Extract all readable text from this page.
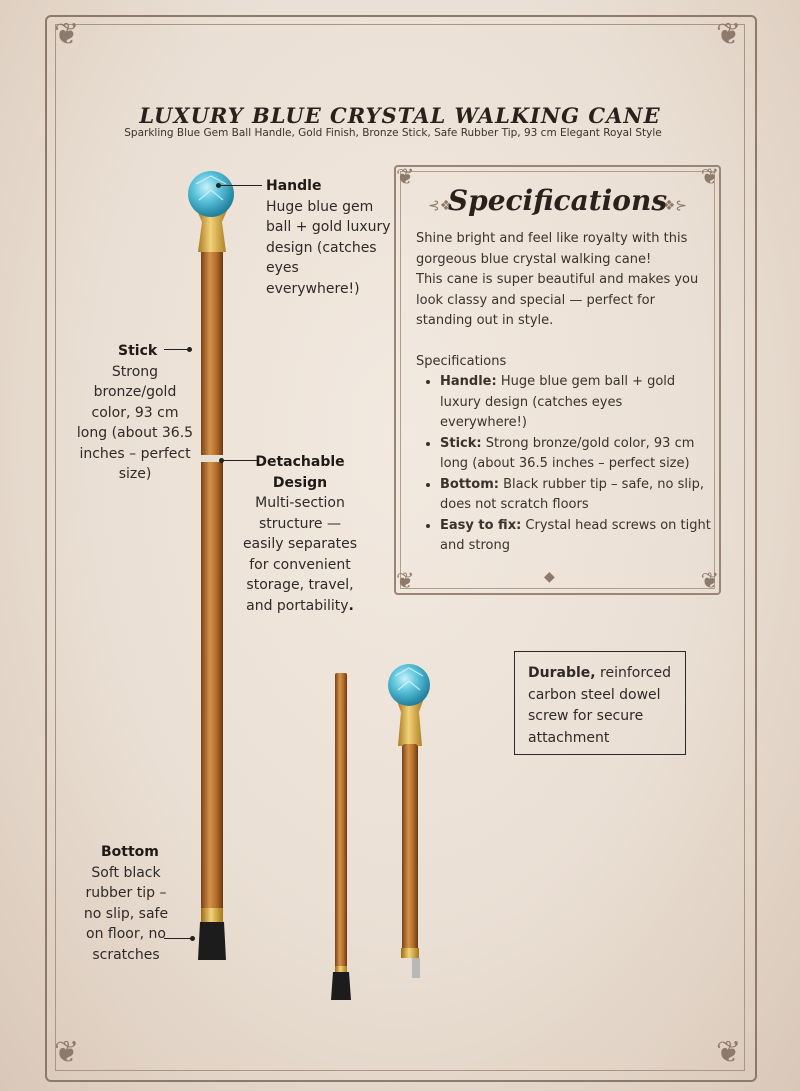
❦	❦
❦	❦
LUXURY BLUE CRYSTAL WALKING CANE
Sparkling Blue Gem Ball Handle, Gold Finish, Bronze Stick, Safe Rubber Tip, 93 cm Elegant Royal Style
Handle
Huge blue gem ball + gold luxury design (catches eyes everywhere!)
Stick
Strong bronze/gold color, 93 cm long (about 36.5 inches – perfect size)
Detachable Design
Multi-section structure — easily separates for convenient storage, travel, and portability.
Bottom
Soft black rubber tip – no slip, safe on floor, no scratches
❦	❦
❦	❦
⊰❖	❖⊱
Specifications

Shine bright and feel like royalty with this gorgeous blue crystal walking cane!

This cane is super beautiful and makes you look classy and special — perfect for standing out in style.

Specifications

• Handle: Huge blue gem ball + gold luxury design (catches eyes everywhere!)
• Stick: Strong bronze/gold color, 93 cm long (about 36.5 inches – perfect size)
• Bottom: Black rubber tip – safe, no slip, does not scratch floors
• Easy to fix: Crystal head screws on tight and strong
◆
Durable, reinforced carbon steel dowel screw for secure attachment
